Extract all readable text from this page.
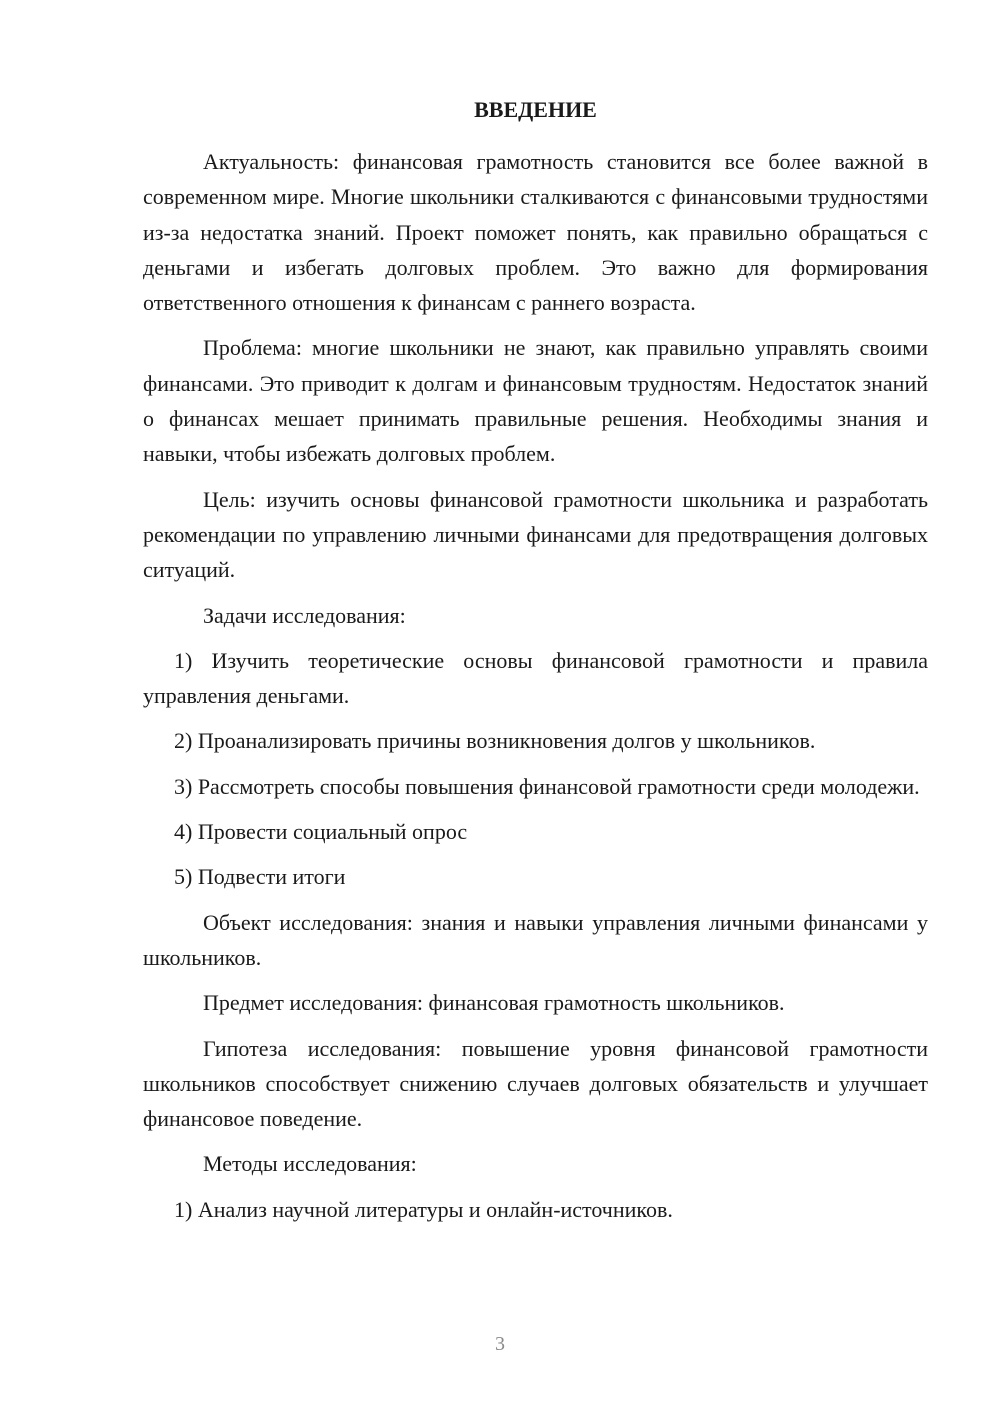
ВВЕДЕНИЕ

Актуальность: финансовая грамотность становится все более важной в современном мире. Многие школьники сталкиваются с финансовыми трудностями из-за недостатка знаний. Проект поможет понять, как правильно обращаться с деньгами и избегать долговых проблем. Это важно для формирования ответственного отношения к финансам с раннего возраста.

Проблема: многие школьники не знают, как правильно управлять своими финансами. Это приводит к долгам и финансовым трудностям. Недостаток знаний о финансах мешает принимать правильные решения. Необходимы знания и навыки, чтобы избежать долговых проблем.

Цель: изучить основы финансовой грамотности школьника и разработать рекомендации по управлению личными финансами для предотвращения долговых ситуаций.

Задачи исследования:

1) Изучить теоретические основы финансовой грамотности и правила управления деньгами.

2) Проанализировать причины возникновения долгов у школьников.

3) Рассмотреть способы повышения финансовой грамотности среди молодежи.

4) Провести социальный опрос

5) Подвести итоги

Объект исследования: знания и навыки управления личными финансами у школьников.

Предмет исследования: финансовая грамотность школьников.

Гипотеза исследования: повышение уровня финансовой грамотности школьников способствует снижению случаев долговых обязательств и улучшает финансовое поведение.

Методы исследования:

1) Анализ научной литературы и онлайн-источников.

3
